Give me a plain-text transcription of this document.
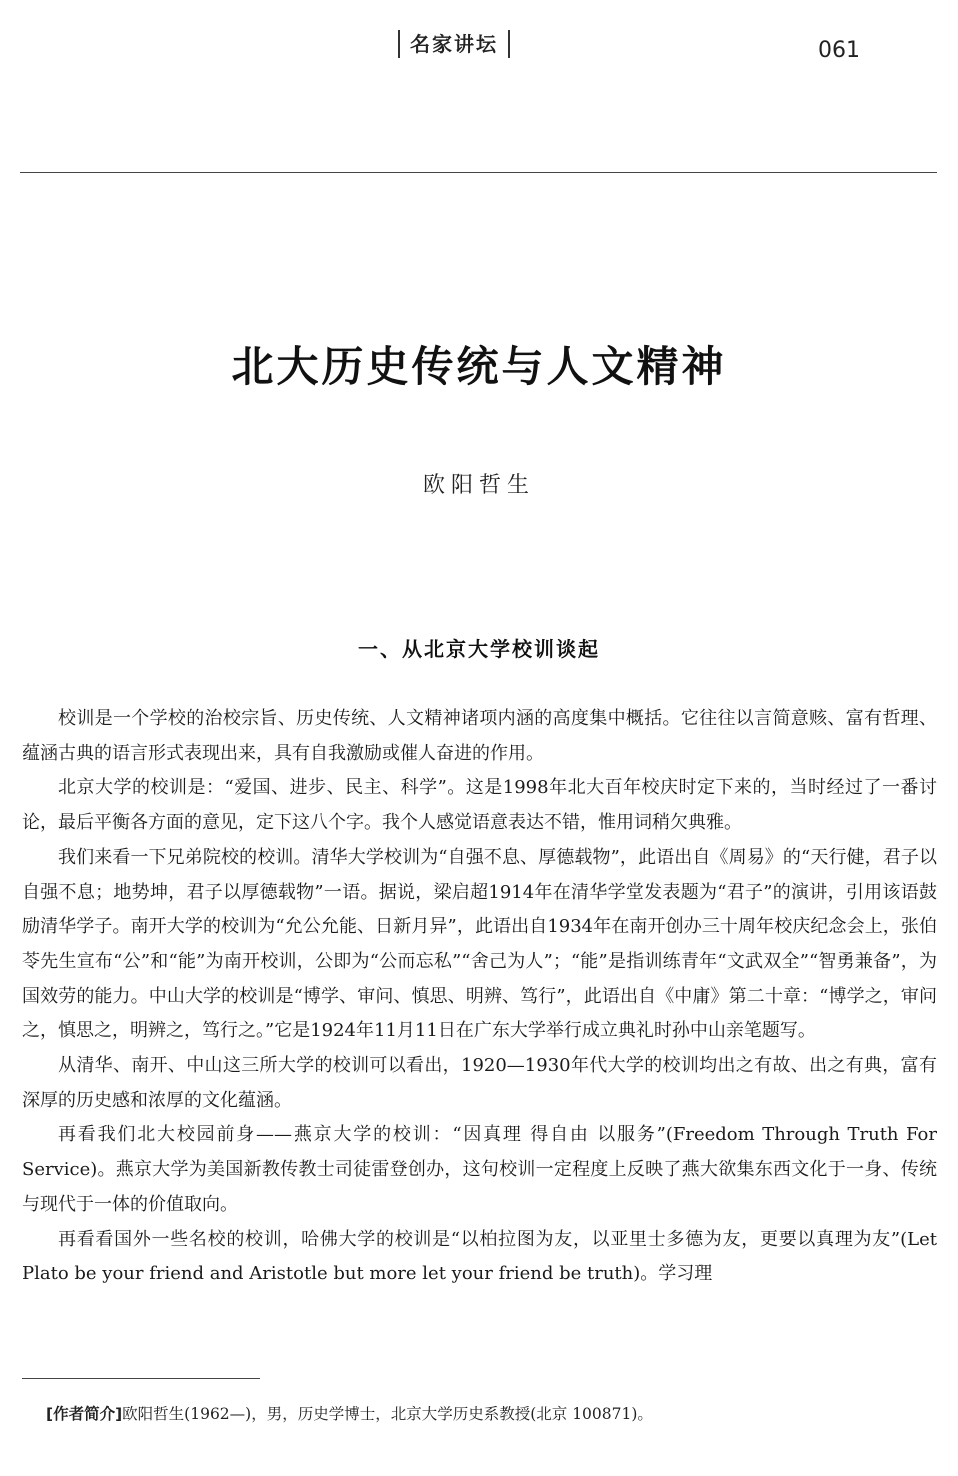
名家讲坛	061
北大历史传统与人文精神
欧阳哲生
一、从北京大学校训谈起

校训是一个学校的治校宗旨、历史传统、人文精神诸项内涵的高度集中概括。它往往以言简意赅、富有哲理、蕴涵古典的语言形式表现出来，具有自我激励或催人奋进的作用。

北京大学的校训是：“爱国、进步、民主、科学”。这是1998年北大百年校庆时定下来的，当时经过了一番讨论，最后平衡各方面的意见，定下这八个字。我个人感觉语意表达不错，惟用词稍欠典雅。

我们来看一下兄弟院校的校训。清华大学校训为“自强不息、厚德载物”，此语出自《周易》的“天行健，君子以自强不息；地势坤，君子以厚德载物”一语。据说，梁启超1914年在清华学堂发表题为“君子”的演讲，引用该语鼓励清华学子。南开大学的校训为“允公允能、日新月异”，此语出自1934年在南开创办三十周年校庆纪念会上，张伯苓先生宣布“公”和“能”为南开校训，公即为“公而忘私”“舍己为人”；“能”是指训练青年“文武双全”“智勇兼备”，为国效劳的能力。中山大学的校训是“博学、审问、慎思、明辨、笃行”，此语出自《中庸》第二十章：“博学之，审问之，慎思之，明辨之，笃行之。”它是1924年11月11日在广东大学举行成立典礼时孙中山亲笔题写。

从清华、南开、中山这三所大学的校训可以看出，1920—1930年代大学的校训均出之有故、出之有典，富有深厚的历史感和浓厚的文化蕴涵。

再看我们北大校园前身——燕京大学的校训：“因真理 得自由 以服务”(Freedom Through Truth For Service)。燕京大学为美国新教传教士司徒雷登创办，这句校训一定程度上反映了燕大欲集东西文化于一身、传统与现代于一体的价值取向。

再看看国外一些名校的校训，哈佛大学的校训是“以柏拉图为友，以亚里士多德为友，更要以真理为友”(Let Plato be your friend and Aristotle but more let your friend be truth)。学习理

[作者简介]欧阳哲生(1962—)，男，历史学博士，北京大学历史系教授(北京 100871)。
